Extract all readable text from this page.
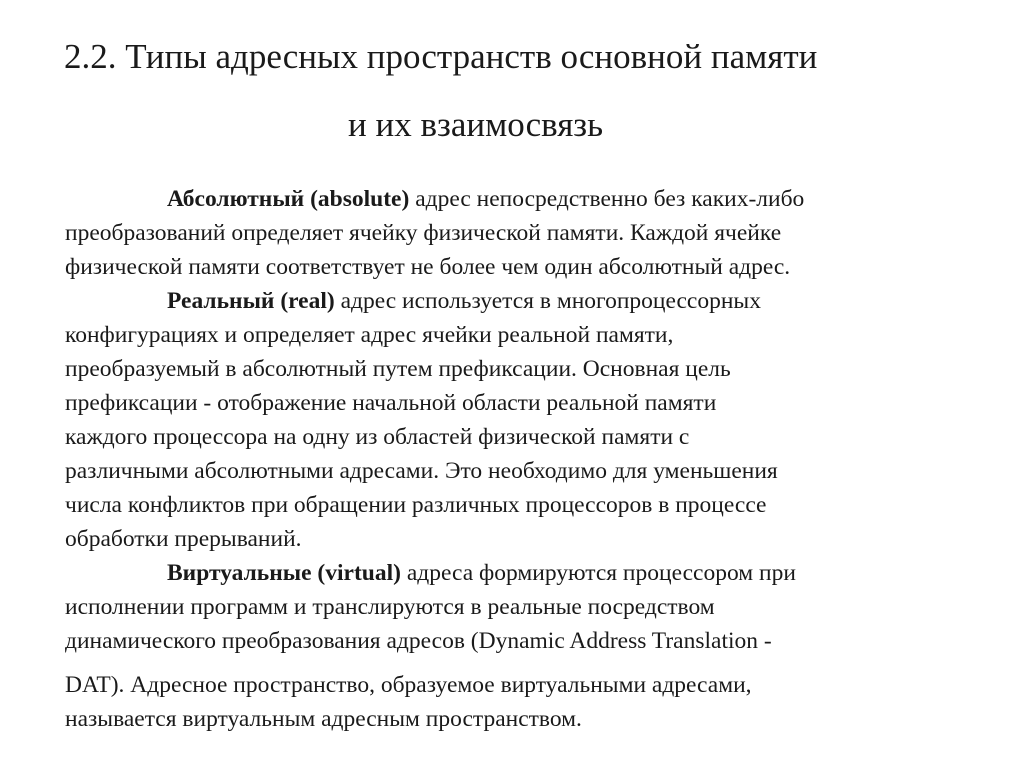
2.2. Типы адресных пространств основной памяти
и их взаимосвязь
Абсолютный (absolute) адрес непосредственно без каких-либо
преобразований определяет ячейку физической памяти. Каждой ячейке
физической памяти соответствует не более чем один абсолютный адрес.
Реальный (real) адрес используется в многопроцессорных
конфигурациях и определяет адрес ячейки реальной памяти,
преобразуемый в абсолютный путем префиксации. Основная цель
префиксации - отображение начальной области реальной памяти
каждого процессора на одну из областей физической памяти с
различными абсолютными адресами. Это необходимо для уменьшения
числа конфликтов при обращении различных процессоров в процессе
обработки прерываний.
Виртуальные (virtual) адреса формируются процессором при
исполнении программ и транслируются в реальные посредством
динамического преобразования адресов (Dynamic Address Translation -
DAT). Адресное пространство, образуемое виртуальными адресами,
называется виртуальным адресным пространством.
